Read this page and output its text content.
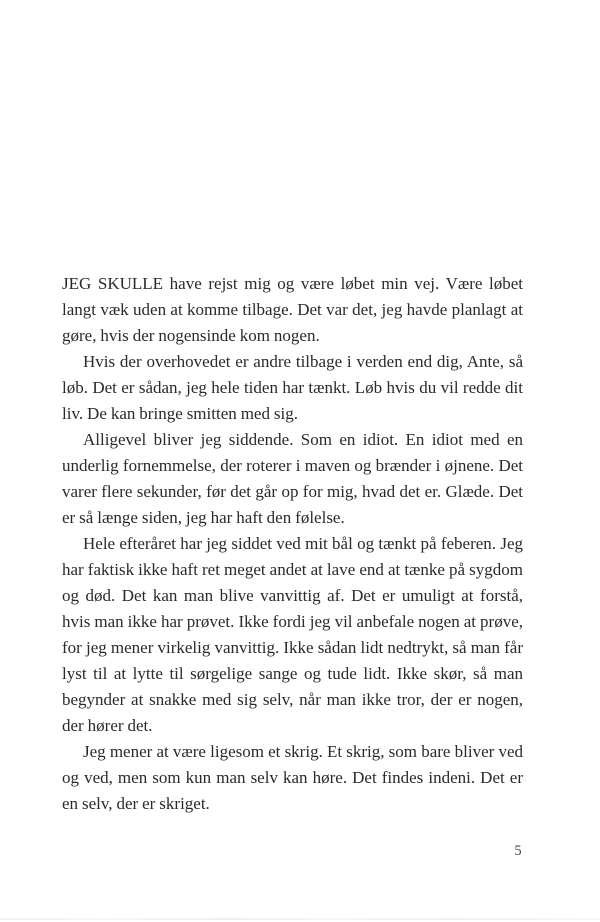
JEG SKULLE have rejst mig og være løbet min vej. Være løbet langt væk uden at komme tilbage. Det var det, jeg havde planlagt at gøre, hvis der nogensinde kom nogen.

Hvis der overhovedet er andre tilbage i verden end dig, Ante, så løb. Det er sådan, jeg hele tiden har tænkt. Løb hvis du vil redde dit liv. De kan bringe smitten med sig.

Alligevel bliver jeg siddende. Som en idiot. En idiot med en underlig fornemmelse, der roterer i maven og brænder i øjnene. Det varer flere sekunder, før det går op for mig, hvad det er. Glæde. Det er så længe siden, jeg har haft den følelse.

Hele efteråret har jeg siddet ved mit bål og tænkt på feberen. Jeg har faktisk ikke haft ret meget andet at lave end at tænke på sygdom og død. Det kan man blive vanvittig af. Det er umuligt at forstå, hvis man ikke har prøvet. Ikke fordi jeg vil anbefale nogen at prøve, for jeg mener virkelig vanvittig. Ikke sådan lidt nedtrykt, så man får lyst til at lytte til sørgelige sange og tude lidt. Ikke skør, så man begynder at snakke med sig selv, når man ikke tror, der er nogen, der hører det.

Jeg mener at være ligesom et skrig. Et skrig, som bare bliver ved og ved, men som kun man selv kan høre. Det findes indeni. Det er en selv, der er skriget.

5
